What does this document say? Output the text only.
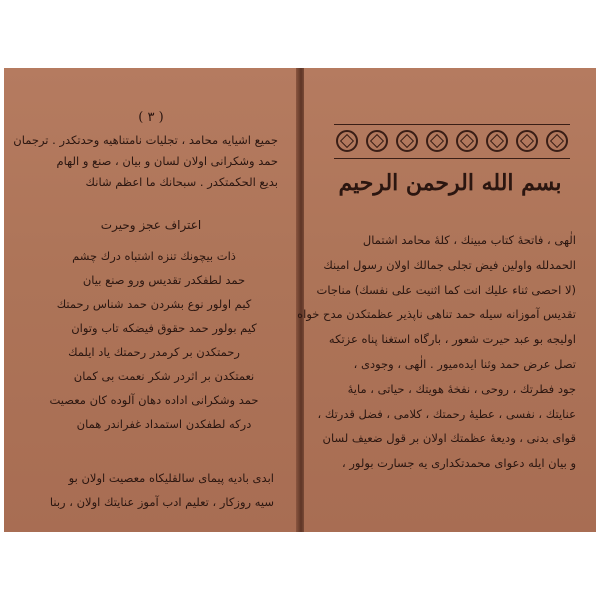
( ٣ )
جمیع اشیا‌یه محامد ، تجلیات نامتناهیه وحدتکدر . ترجمان
حمد وشکرانی اولان لسان و بیان ، صنع و الهام
بدیع الحکمتکدر . سبحانك ما اعظم شانك
اعتراف عجز وحیرت
ذات بیچونك تنزه اشتباه درك چشم
حمد لطفکدر تقدیس ورو صنع بیان
کیم اولور نوع بشردن حمد شناس رحمتك
کیم بولور حمد حقوق فیضکه تاب وتوان
رحمتکدن بر کرمدر رحمتك یاد ایلمك
نعمتکدن بر اثردر شکر نعمت بی کمان
حمد وشکرانی اداده دهان آلوده کان معصیت
درکه لطفکدن استمداد غفراندر همان
ابدی بادیه پیمای سالقلیکاه معصیت اولان بو
سیه روزکار ، تعلیم ادب آموز عنایتك اولان ، ربنا
بسم الله الرحمن الرحيم
الٰهی ، فاتحهٔ کتاب مبینك ، کلهٔ محامد اشتمال
الحمدلله واولین فیض تجلی جمالك اولان رسول امینك
(لا احصی ثناء علیك انت کما اثنیت علی نفسك) مناجات
تقدیس آموزانه سیله حمد تناهی ناپذیر عظمتکدن مدح خواه
اولیجه بو عبد حیرت شعور ، بارگاه استغنا پناه عزتکه
تصل عرض حمد وثنا ایده‌میور . الٰهی ، وجودی ،
جود فطرتك ، روحی ، نفخهٔ هویتك ، حیاتی ، مایهٔ
عنایتك ، نفسی ، عطیهٔ رحمتك ، کلامی ، فضل قدرتك ،
قوای بدنی ، ودیعهٔ عظمتك اولان بر قول ضعیف لسان
و بیان ایله دعوای محمدتکداری یه جسارت بولور ،
